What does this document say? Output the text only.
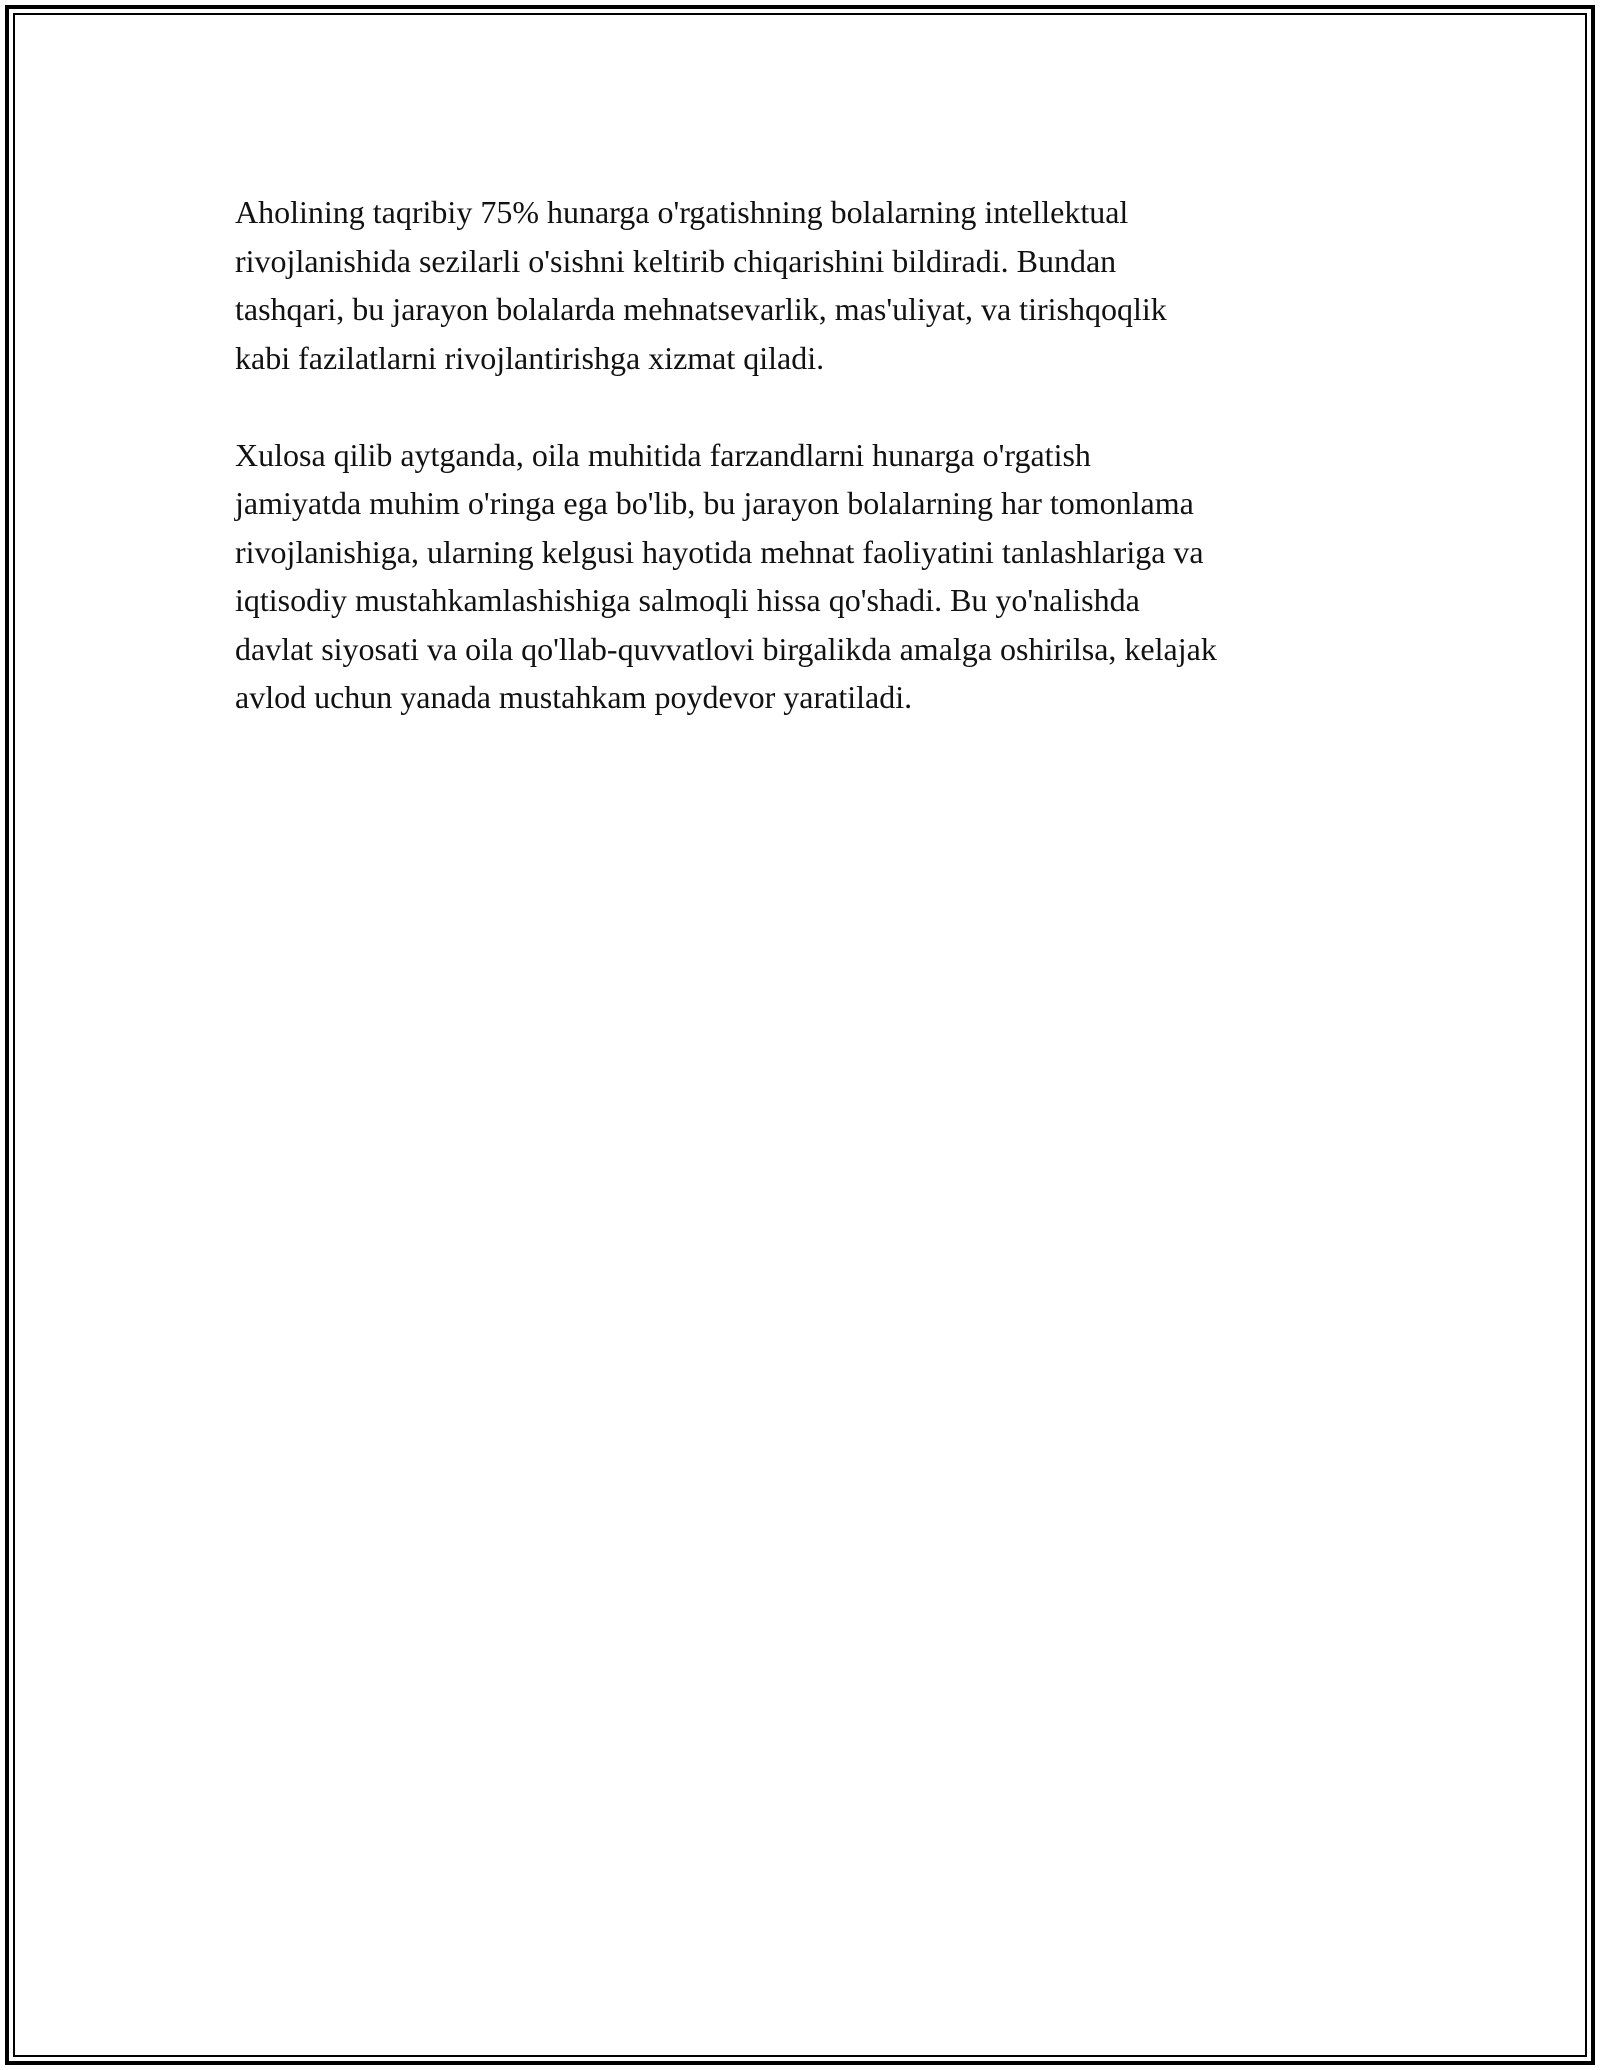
Aholining taqribiy 75% hunarga o'rgatishning bolalarning intellektual
rivojlanishida sezilarli o'sishni keltirib chiqarishini bildiradi. Bundan
tashqari, bu jarayon bolalarda mehnatsevarlik, mas'uliyat, va tirishqoqlik
kabi fazilatlarni rivojlantirishga xizmat qiladi.

Xulosa qilib aytganda, oila muhitida farzandlarni hunarga o'rgatish
jamiyatda muhim o'ringa ega bo'lib, bu jarayon bolalarning har tomonlama
rivojlanishiga, ularning kelgusi hayotida mehnat faoliyatini tanlashlariga va
iqtisodiy mustahkamlashishiga salmoqli hissa qo'shadi. Bu yo'nalishda
davlat siyosati va oila qo'llab-quvvatlovi birgalikda amalga oshirilsa, kelajak
avlod uchun yanada mustahkam poydevor yaratiladi.
